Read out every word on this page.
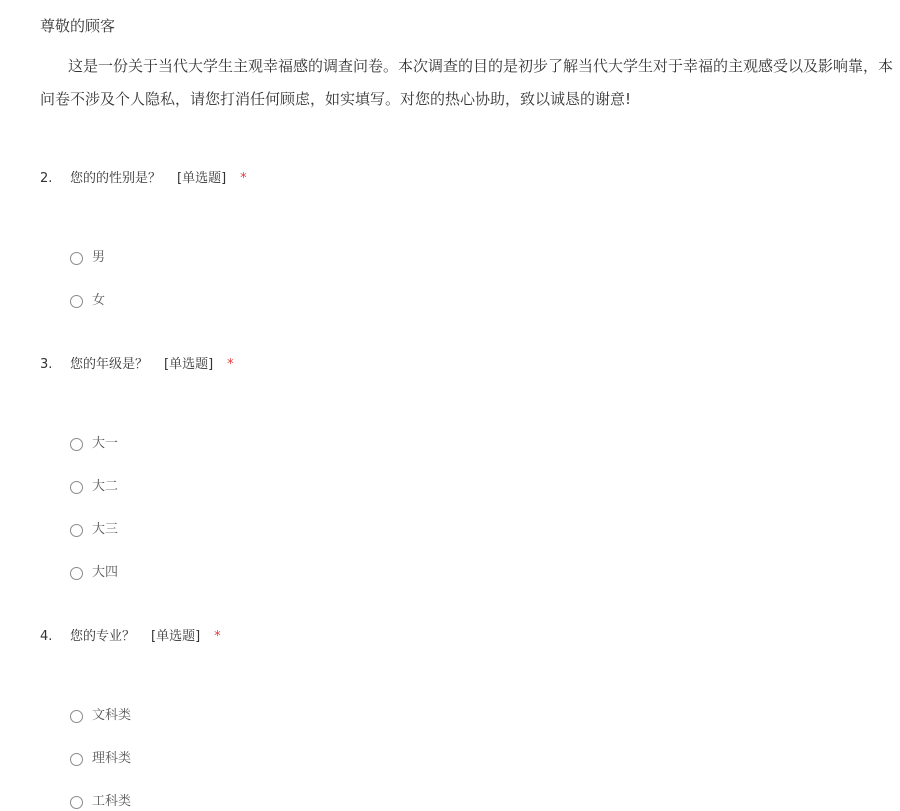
尊敬的顾客
这是一份关于当代大学生主观幸福感的调查问卷。本次调查的目的是初步了解当代大学生对于幸福的主观感受以及影响靠，本问卷不涉及个人隐私，请您打消任何顾虑，如实填写。对您的热心协助，致以诚恳的谢意!
2.	您的的性别是？ [单选题] *
男
女
3.	您的年级是？ [单选题] *
大一
大二
大三
大四
4.	您的专业？ [单选题] *
文科类
理科类
工科类
